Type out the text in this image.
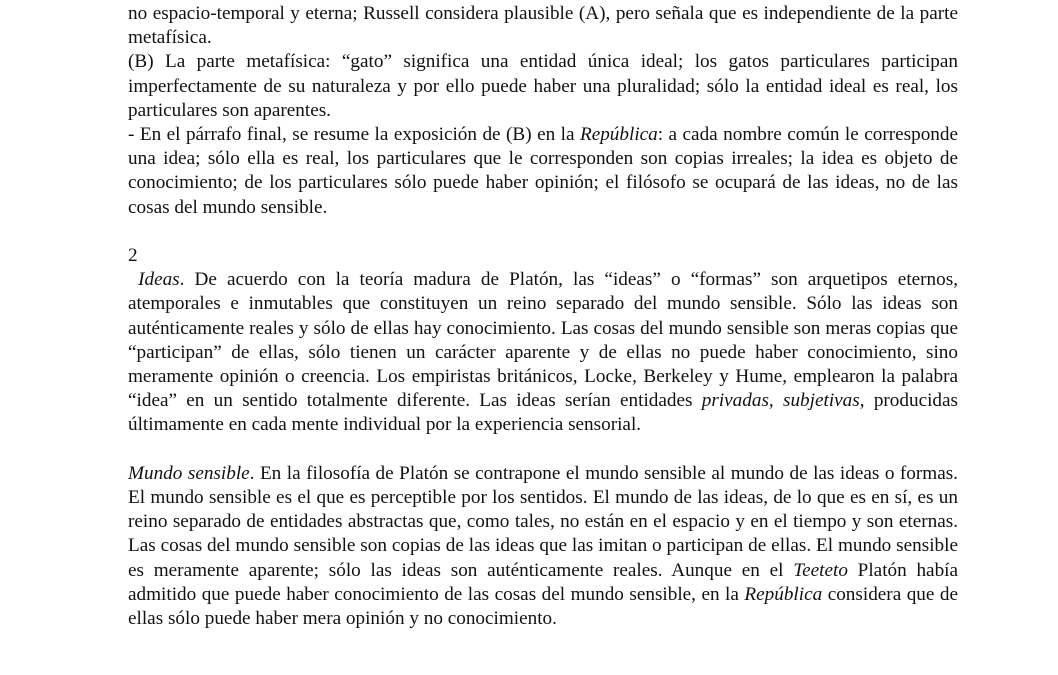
no espacio-temporal y eterna; Russell considera plausible (A), pero señala que es independiente de la parte metafísica.

(B) La parte metafísica: “gato” significa una entidad única ideal; los gatos particulares participan imperfectamente de su naturaleza y por ello puede haber una pluralidad; sólo la entidad ideal es real, los particulares son aparentes.

- En el párrafo final, se resume la exposición de (B) en la República: a cada nombre común le corresponde una idea; sólo ella es real, los particulares que le corresponden son copias irreales; la idea es objeto de conocimiento; de los particulares sólo puede haber opinión; el filósofo se ocupará de las ideas, no de las cosas del mundo sensible.

2

Ideas. De acuerdo con la teoría madura de Platón, las “ideas” o “formas” son arquetipos eternos, atemporales e inmutables que constituyen un reino separado del mundo sensible. Sólo las ideas son auténticamente reales y sólo de ellas hay conocimiento. Las cosas del mundo sensible son meras copias que “participan” de ellas, sólo tienen un carácter aparente y de ellas no puede haber conocimiento, sino meramente opinión o creencia. Los empiristas británicos, Locke, Berkeley y Hume, emplearon la palabra “idea” en un sentido totalmente diferente. Las ideas serían entidades privadas, subjetivas, producidas últimamente en cada mente individual por la experiencia sensorial.

Mundo sensible. En la filosofía de Platón se contrapone el mundo sensible al mundo de las ideas o formas. El mundo sensible es el que es perceptible por los sentidos. El mundo de las ideas, de lo que es en sí, es un reino separado de entidades abstractas que, como tales, no están en el espacio y en el tiempo y son eternas. Las cosas del mundo sensible son copias de las ideas que las imitan o participan de ellas. El mundo sensible es meramente aparente; sólo las ideas son auténticamente reales. Aunque en el Teeteto Platón había admitido que puede haber conocimiento de las cosas del mundo sensible, en la República considera que de ellas sólo puede haber mera opinión y no conocimiento.
